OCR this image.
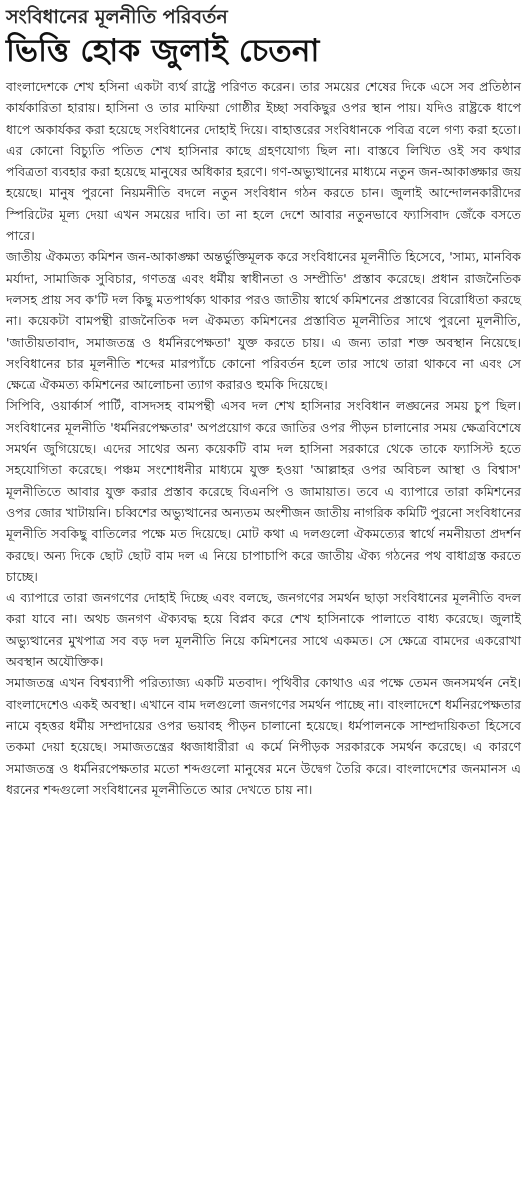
সংবিধানের মূলনীতি পরিবর্তন
ভিত্তি হোক জুলাই চেতনা

বাংলাদেশকে শেখ হসিনা একটা ব্যর্থ রাষ্ট্রে পরিণত করেন। তার সময়ের শেষের দিকে এসে সব প্রতিষ্ঠান কার্যকারিতা হারায়। হাসিনা ও তার মাফিয়া গোষ্ঠীর ইচ্ছা সবকিছুর ওপর স্থান পায়। যদিও রাষ্ট্রকে ধাপে ধাপে অকার্যকর করা হয়েছে সংবিধানের দোহাই দিয়ে। বাহাত্তরের সংবিধানকে পবিত্র বলে গণ্য করা হতো। এর কোনো বিচ্যুতি পতিত শেখ হাসিনার কাছে গ্রহণযোগ্য ছিল না। বাস্তবে লিখিত ওই সব কথার পবিত্রতা ব্যবহার করা হয়েছে মানুষের অধিকার হরণে। গণ-অভ্যুত্থানের মাধ্যমে নতুন জন-আকাঙ্ক্ষার জয় হয়েছে। মানুষ পুরনো নিয়মনীতি বদলে নতুন সংবিধান গঠন করতে চান। জুলাই আন্দোলনকারীদের স্পিরিটের মূল্য দেয়া এখন সময়ের দাবি। তা না হলে দেশে আবার নতুনভাবে ফ্যাসিবাদ জেঁকে বসতে পারে।

জাতীয় ঐকমত্য কমিশন জন-আকাঙ্ক্ষা অন্তর্ভুক্তিমূলক করে সংবিধানের মূলনীতি হিসেবে, 'সাম্য, মানবিক মর্যাদা, সামাজিক সুবিচার, গণতন্ত্র এবং ধর্মীয় স্বাধীনতা ও সম্প্রীতি' প্রস্তাব করেছে। প্রধান রাজনৈতিক দলসহ প্রায় সব ক'টি দল কিছু মতপার্থক্য থাকার পরও জাতীয় স্বার্থে কমিশনের প্রস্তাবের বিরোধিতা করছে না। কয়েকটা বামপন্থী রাজনৈতিক দল ঐকমত্য কমিশনের প্রস্তাবিত মূলনীতির সাথে পুরনো মূলনীতি, 'জাতীয়তাবাদ, সমাজতন্ত্র ও ধর্মনিরপেক্ষতা' যুক্ত করতে চায়। এ জন্য তারা শক্ত অবস্থান নিয়েছে। সংবিধানের চার মূলনীতি শব্দের মারপ্যাঁচে কোনো পরিবর্তন হলে তার সাথে তারা থাকবে না এবং সে ক্ষেত্রে ঐকমত্য কমিশনের আলোচনা ত্যাগ করারও হুমকি দিয়েছে।

সিপিবি, ওয়ার্কার্স পার্টি, বাসদসহ বামপন্থী এসব দল শেখ হাসিনার সংবিধান লঙ্ঘনের সময় চুপ ছিল। সংবিধানের মূলনীতি 'ধর্মনিরপেক্ষতার' অপপ্রয়োগ করে জাতির ওপর পীড়ন চালানোর সময় ক্ষেত্রবিশেষে সমর্থন জুগিয়েছে। এদের সাথের অন্য কয়েকটি বাম দল হাসিনা সরকারে থেকে তাকে ফ্যাসিস্ট হতে সহযোগিতা করেছে। পঞ্চম সংশোধনীর মাধ্যমে যুক্ত হওয়া 'আল্লাহর ওপর অবিচল আস্থা ও বিশ্বাস' মূলনীতিতে আবার যুক্ত করার প্রস্তাব করেছে বিএনপি ও জামায়াত। তবে এ ব্যাপারে তারা কমিশনের ওপর জোর খাটায়নি। চব্বিশের অভ্যুত্থানের অন্যতম অংশীজন জাতীয় নাগরিক কমিটি পুরনো সংবিধানের মূলনীতি সবকিছু বাতিলের পক্ষে মত দিয়েছে। মোট কথা এ দলগুলো ঐকমত্যের স্বার্থে নমনীয়তা প্রদর্শন করছে। অন্য দিকে ছোট ছোট বাম দল এ নিয়ে চাপাচাপি করে জাতীয় ঐক্য গঠনের পথ বাধাগ্রস্ত করতে চাচ্ছে।

এ ব্যাপারে তারা জনগণের দোহাই দিচ্ছে এবং বলছে, জনগণের সমর্থন ছাড়া সংবিধানের মূলনীতি বদল করা যাবে না। অথচ জনগণ ঐক্যবদ্ধ হয়ে বিপ্লব করে শেখ হাসিনাকে পালাতে বাধ্য করেছে। জুলাই অভ্যুত্থানের মুখপাত্র সব বড় দল মূলনীতি নিয়ে কমিশনের সাথে একমত। সে ক্ষেত্রে বামদের একরোখা অবস্থান অযৌক্তিক।

সমাজতন্ত্র এখন বিশ্বব্যাপী পরিত্যাজ্য একটি মতবাদ। পৃথিবীর কোথাও এর পক্ষে তেমন জনসমর্থন নেই। বাংলাদেশেও একই অবস্থা। এখানে বাম দলগুলো জনগণের সমর্থন পাচ্ছে না। বাংলাদেশে ধর্মনিরপেক্ষতার নামে বৃহত্তর ধর্মীয় সম্প্রদায়ের ওপর ভয়াবহ পীড়ন চালানো হয়েছে। ধর্মপালনকে সাম্প্রদায়িকতা হিসেবে তকমা দেয়া হয়েছে। সমাজতন্ত্রের ধ্বজাধারীরা এ কর্মে নিপীড়ক সরকারকে সমর্থন করেছে। এ কারণে সমাজতন্ত্র ও ধর্মনিরপেক্ষতার মতো শব্দগুলো মানুষের মনে উদ্বেগ তৈরি করে। বাংলাদেশের জনমানস এ ধরনের শব্দগুলো সংবিধানের মূলনীতিতে আর দেখতে চায় না।
